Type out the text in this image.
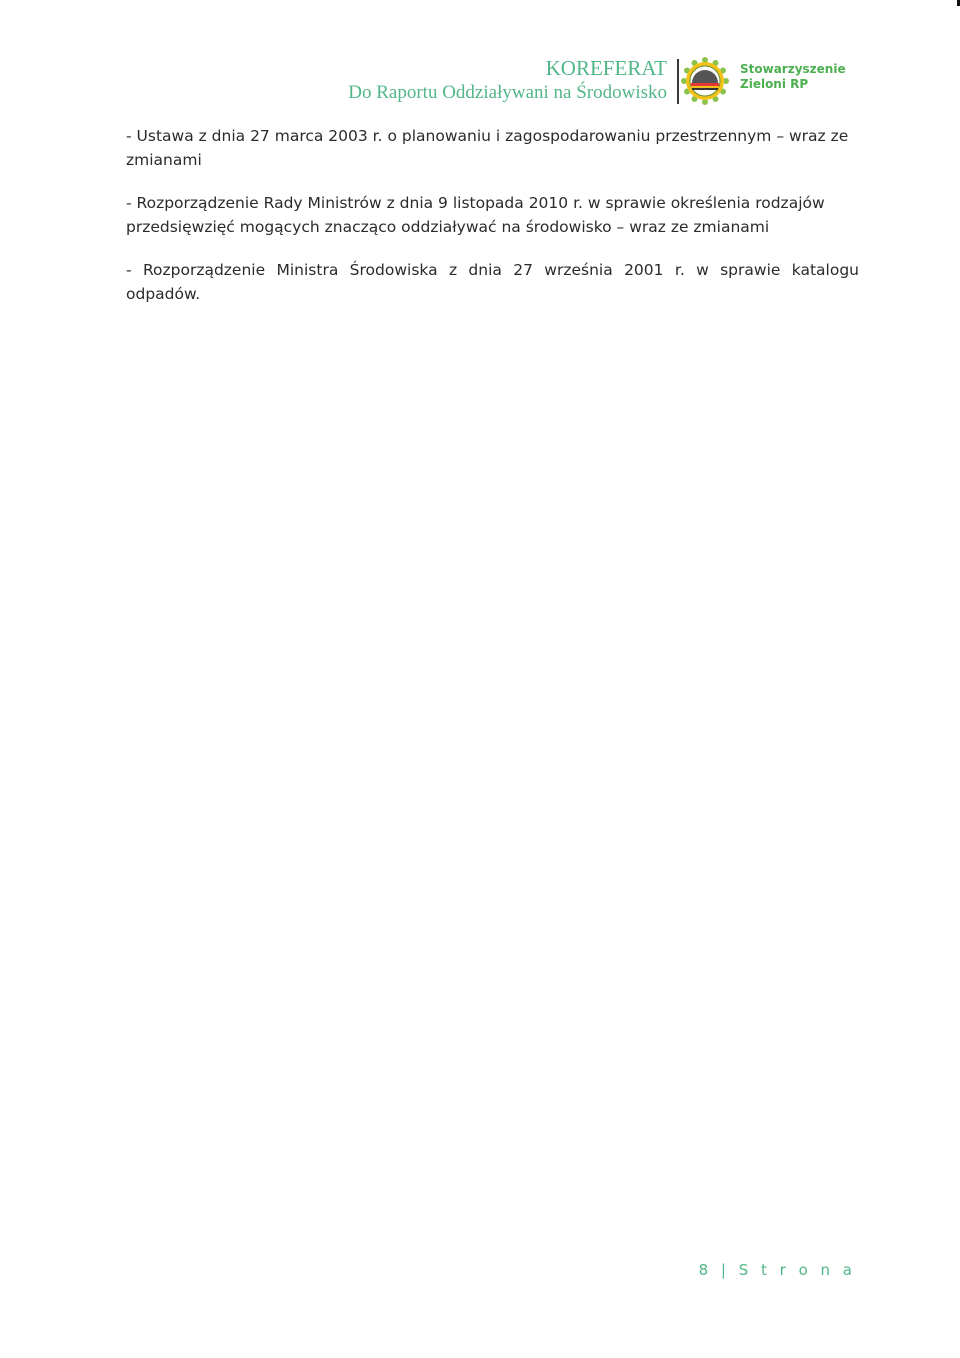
KOREFERAT
Do Raportu Oddziaływani na Środowisko
Stowarzyszenie
Zieloni RP

- Ustawa z dnia 27 marca 2003 r. o planowaniu i zagospodarowaniu przestrzennym – wraz ze zmianami

- Rozporządzenie Rady Ministrów z dnia 9 listopada 2010 r. w sprawie określenia rodzajów przedsięwzięć mogących znacząco oddziaływać na środowisko – wraz ze zmianami

- Rozporządzenie Ministra Środowiska z dnia 27 września 2001 r. w sprawie katalogu odpadów.

8 | S t r o n a
